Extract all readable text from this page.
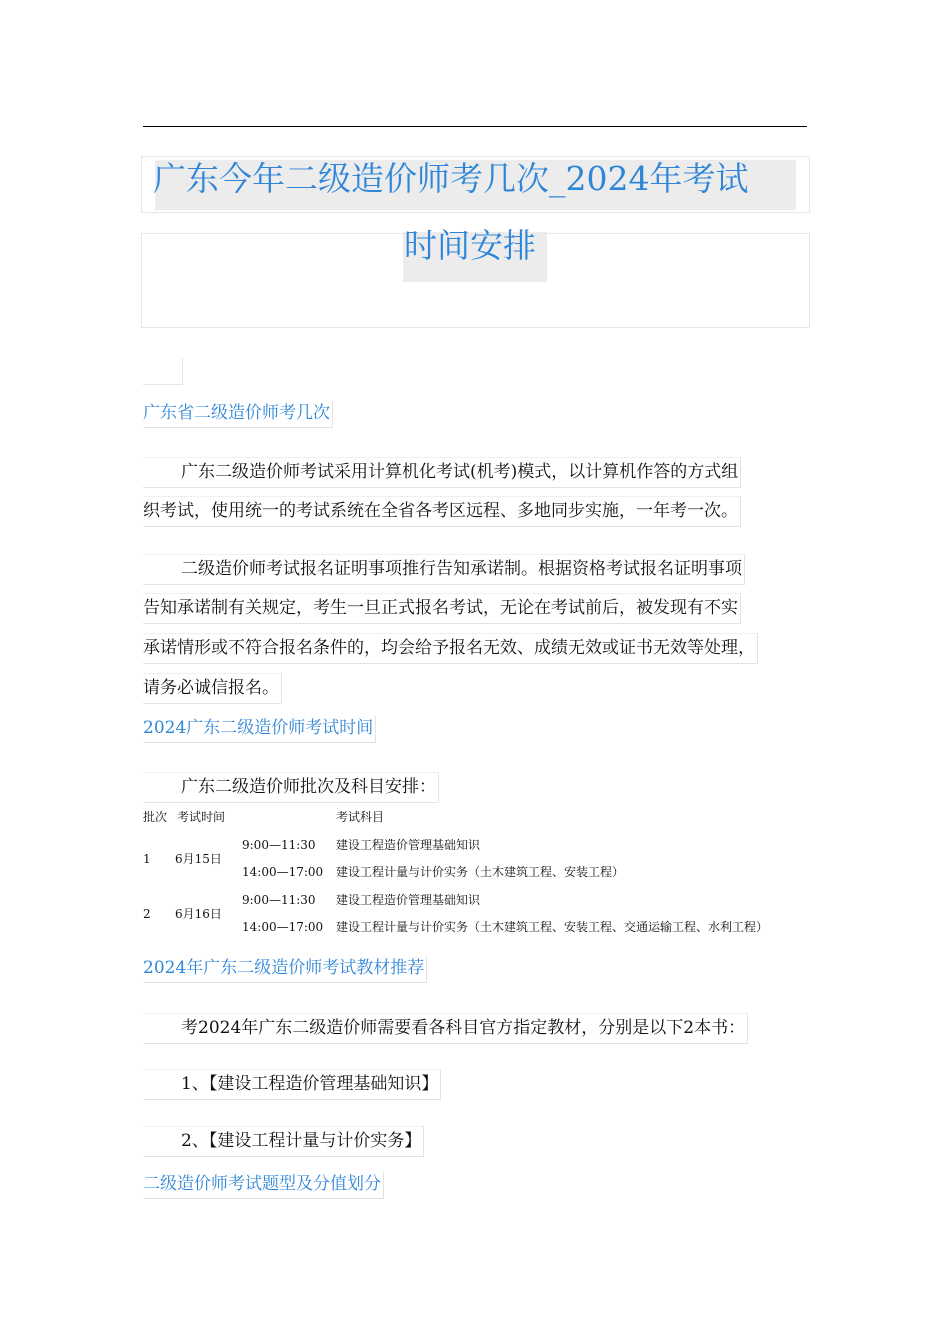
广东今年二级造价师考几次_2024年考试
时间安排
广东省二级造价师考几次
广东二级造价师考试采用计算机化考试(机考)模式，以计算机作答的方式组
织考试，使用统一的考试系统在全省各考区远程、多地同步实施，一年考一次。
二级造价师考试报名证明事项推行告知承诺制。根据资格考试报名证明事项
告知承诺制有关规定，考生一旦正式报名考试，无论在考试前后，被发现有不实
承诺情形或不符合报名条件的，均会给予报名无效、成绩无效或证书无效等处理，
请务必诚信报名。
2024广东二级造价师考试时间
广东二级造价师批次及科目安排：
批次 考试时间	考试科目
1 6月15日
9:00—11:30 建设工程造价管理基础知识
14:00—17:00 建设工程计量与计价实务（土木建筑工程、安装工程）
2 6月16日
9:00—11:30 建设工程造价管理基础知识
14:00—17:00 建设工程计量与计价实务（土木建筑工程、安装工程、交通运输工程、水利工程）
2024年广东二级造价师考试教材推荐
考2024年广东二级造价师需要看各科目官方指定教材，分别是以下2本书：
1、【建设工程造价管理基础知识】
2、【建设工程计量与计价实务】
二级造价师考试题型及分值划分
